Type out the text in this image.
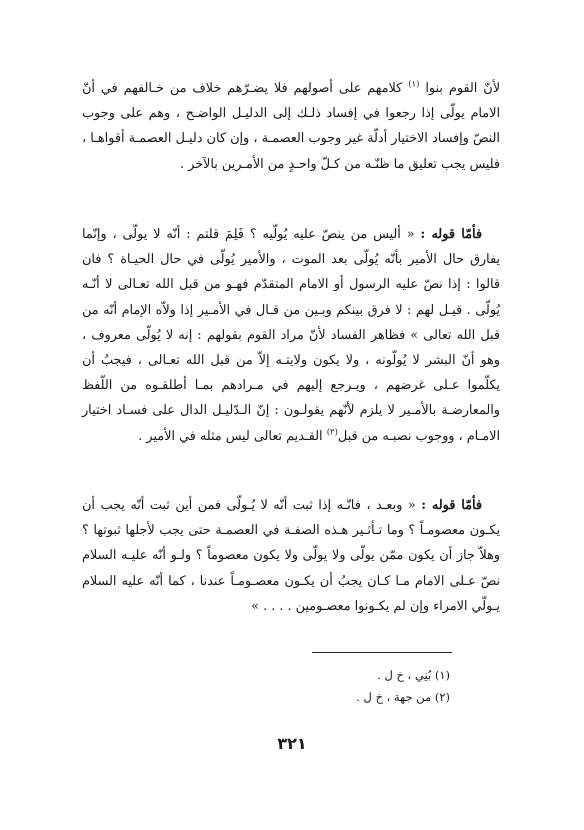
لأنّ القوم بنوا $^{(١)}$ كلامهم على أصولهم فلا يضـرّهم خلاف من خـالفهم في أنّ الامام يولّى إذا رجعوا في إفساد ذلـك إلى الدليـل الواضـح ، وهم على وجوب النصّ وإفساد الاختيار أدلّة غير وجوب العصمـة ، وإن كان دليـل العصمـة أقواهـا ، فليس يجب تعليق ما ظنّـه من كـلّ واحـدٍ من الأمـرين بالآخر .
فأمّا قوله : « أليس من ينصّ عليه يُولّيه ؟ فَلِمَ قلتم : أنّه لا يولّى ، وإنّما يفارق حال الأمير بأنّه يُولّى بعد الموت ، والأمير يُولّى في حال الحيـاة ؟ فان قالوا : إذا نصّ عليه الرسول أو الامام المتقدّم فهـو من قبل الله تعـالى لا أنّـه يُولّى . قيـل لهم : لا فرق بينكم وبـين من قـال في الأمـير إذا ولاّه الإمام أنّه من قبل الله تعالى » فظاهر الفساد لأنّ مراد القوم بقولهم : إنه لا يُولّى معروف ، وهو أنّ البشر لا يُولّونه ، ولا يكون ولايتـه إلاّ من قبل الله تعـالى ، فيجبُ أن يكلّموا عـلى غرضهم ، ويـرجع إليهم في مـرادهم بمـا أطلقـوه من اللّفظ والمعارضـة بالأمـير لا يلزم لأنّهم يقولـون : إنّ الـدّليـل الدال على فسـاد اختيار الامـام ، ووجوب نصبـه من قبل$^{(٢)}$ القـديم تعالى ليس مثله في الأمير .
فأمّا قوله : « وبعـد ، فانّـه إذا ثبت أنّه لا يُـولّى فمن أين ثبت أنّه يجب أن يكـون معصومـاً ؟ وما تـأثـير هـذه الصفـة في العصمـة حتى يجب لأجلها ثبوتها ؟ وهلاّ جاز أن يكون ممّن يولّى ولا يولّى ولا يكون معصوماً ؟ ولـو أنّه عليـه السلام نصّ عـلى الامام مـا كـان يجبُ أن يكـون معصـومـاً عندنا ، كما أنّه عليه السلام يـولّي الامراء وإن لم يكـونوا معصـومين . . . . »
(١) بُنِي ، خ ل .
(٢) من جهة ، خ ل .
٣٢١
